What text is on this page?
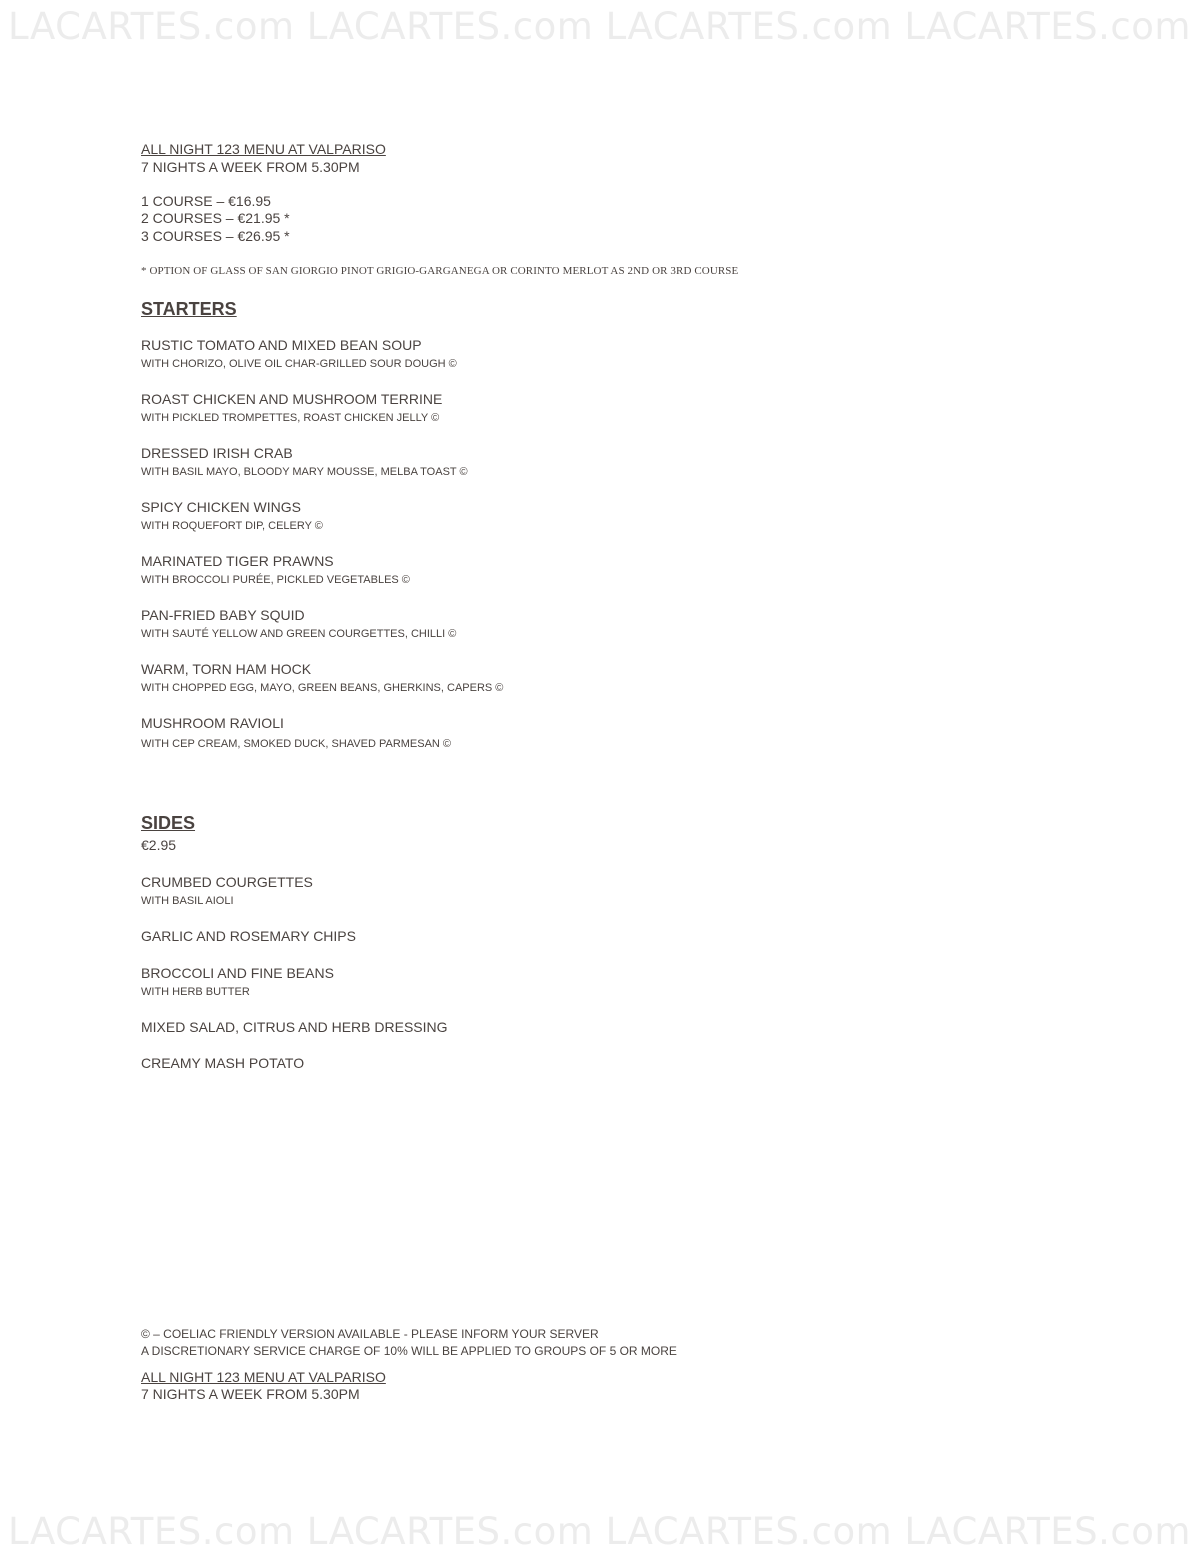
LACARTES.com LACARTES.com LACARTES.com LACARTES.com
ALL NIGHT 123 MENU AT VALPARISO
7 NIGHTS A WEEK FROM 5.30PM
1 COURSE – €16.95
2 COURSES – €21.95 *
3 COURSES – €26.95 *
* OPTION OF GLASS OF SAN GIORGIO PINOT GRIGIO-GARGANEGA OR CORINTO MERLOT AS 2ND OR 3RD COURSE
STARTERS
RUSTIC TOMATO AND MIXED BEAN SOUP
WITH CHORIZO, OLIVE OIL CHAR-GRILLED SOUR DOUGH ©
ROAST CHICKEN AND MUSHROOM TERRINE
WITH PICKLED TROMPETTES, ROAST CHICKEN JELLY ©
DRESSED IRISH CRAB
WITH BASIL MAYO, BLOODY MARY MOUSSE, MELBA TOAST ©
SPICY CHICKEN WINGS
WITH ROQUEFORT DIP, CELERY ©
MARINATED TIGER PRAWNS
WITH BROCCOLI PURÉE, PICKLED VEGETABLES ©
PAN-FRIED BABY SQUID
WITH SAUTÉ YELLOW AND GREEN COURGETTES, CHILLI ©
WARM, TORN HAM HOCK
WITH CHOPPED EGG, MAYO, GREEN BEANS, GHERKINS, CAPERS ©
MUSHROOM RAVIOLI
WITH CEP CREAM, SMOKED DUCK, SHAVED PARMESAN ©
SIDES
€2.95
CRUMBED COURGETTES
WITH BASIL AIOLI
GARLIC AND ROSEMARY CHIPS
BROCCOLI AND FINE BEANS
WITH HERB BUTTER
MIXED SALAD, CITRUS AND HERB DRESSING
CREAMY MASH POTATO
© – COELIAC FRIENDLY VERSION AVAILABLE - PLEASE INFORM YOUR SERVER
A DISCRETIONARY SERVICE CHARGE OF 10% WILL BE APPLIED TO GROUPS OF 5 OR MORE
ALL NIGHT 123 MENU AT VALPARISO
7 NIGHTS A WEEK FROM 5.30PM
LACARTES.com LACARTES.com LACARTES.com LACARTES.com
